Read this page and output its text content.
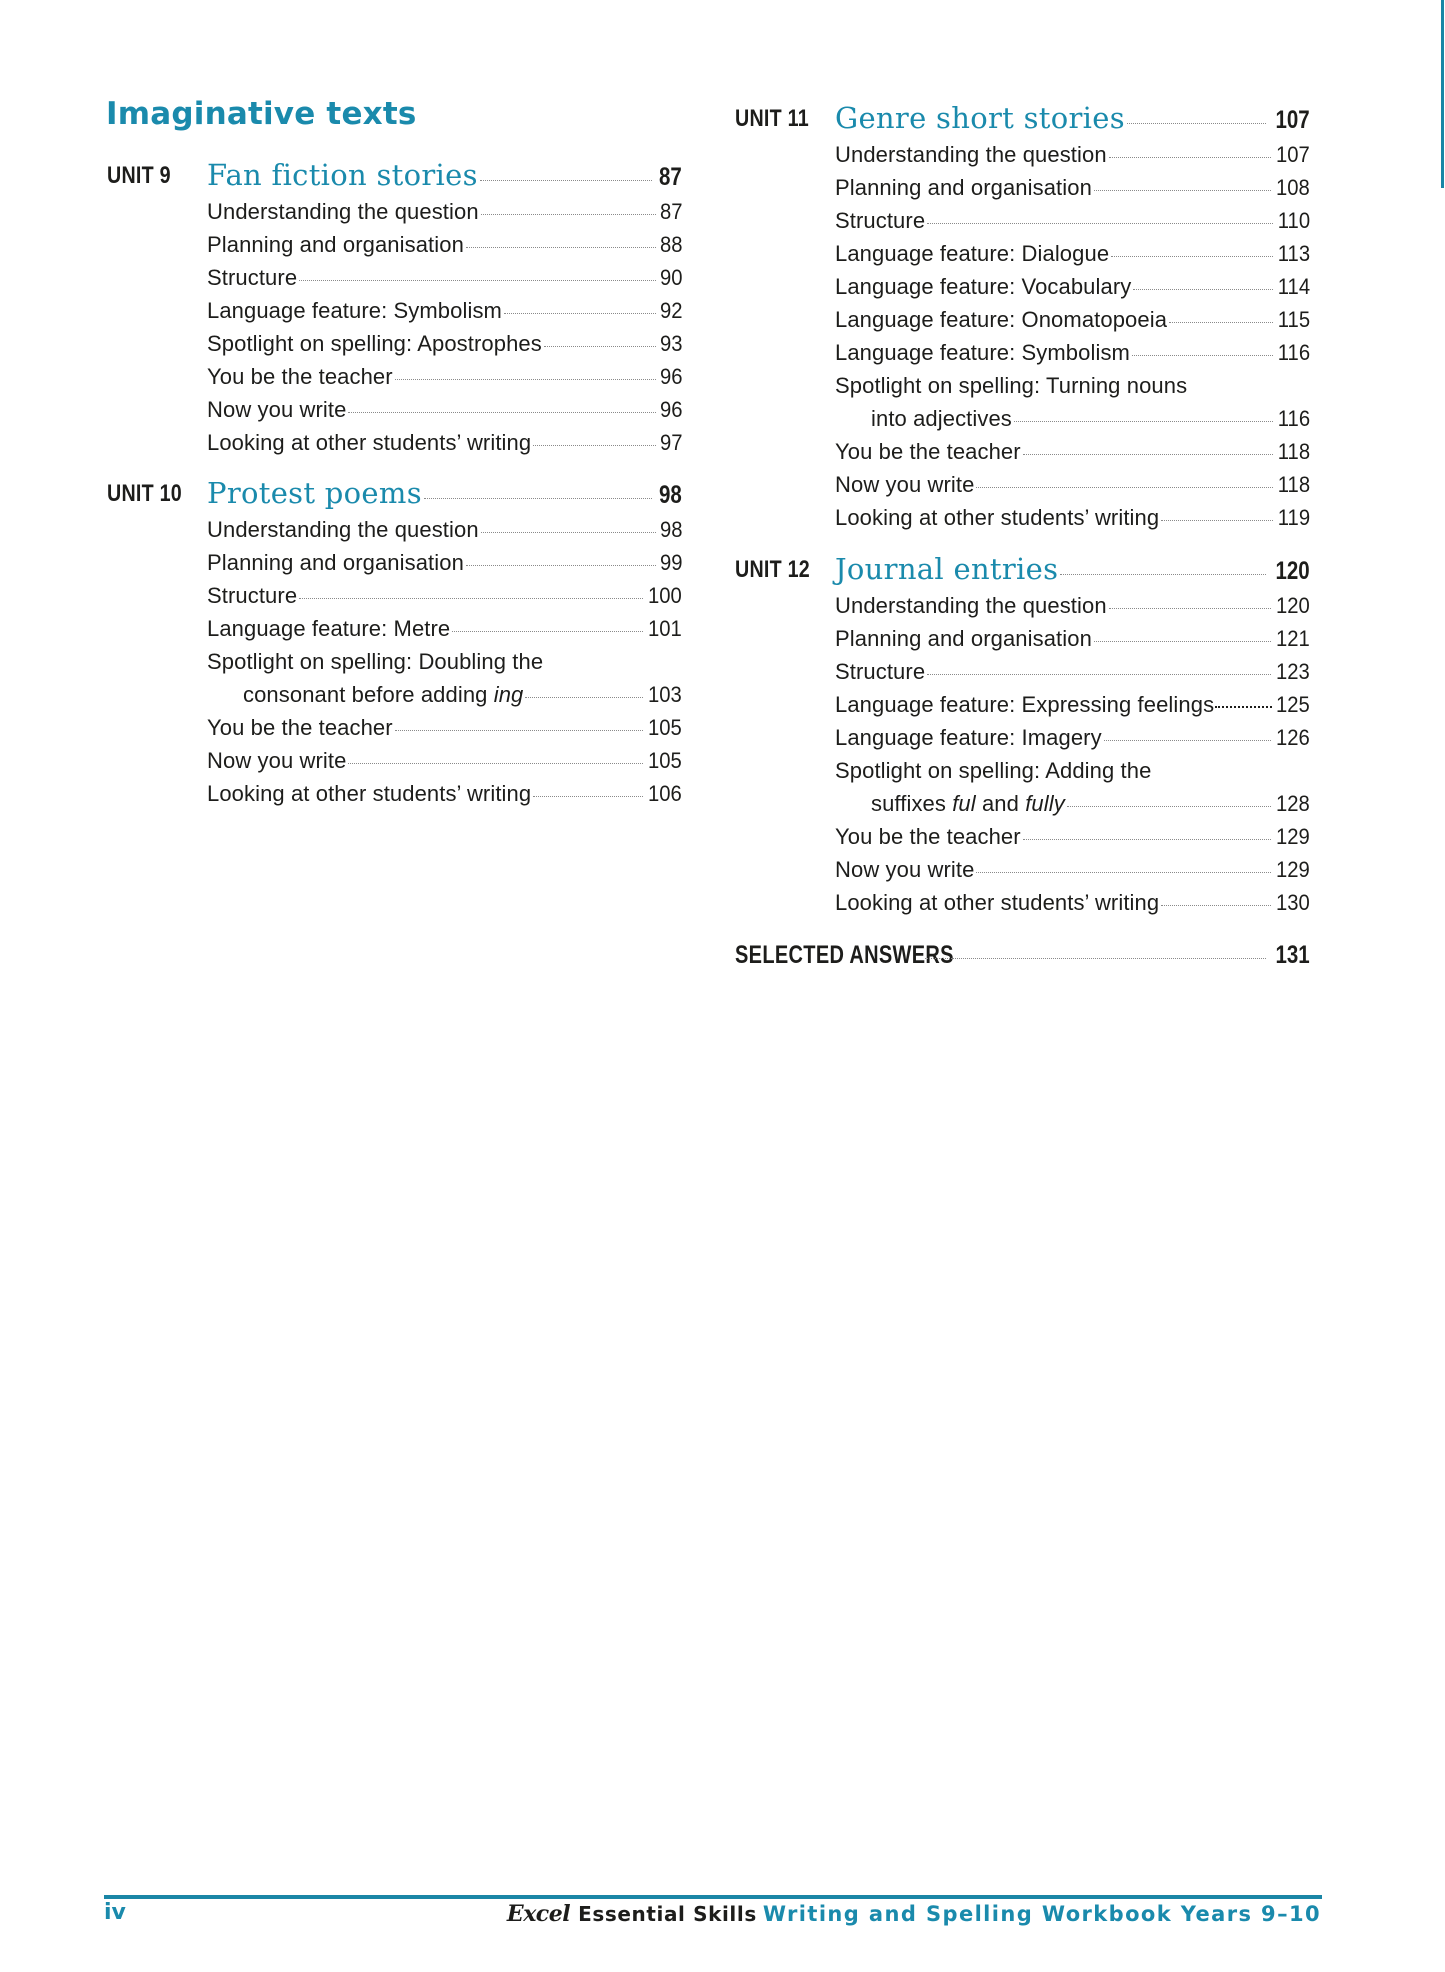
Imaginative texts
UNIT 9 Fan fiction stories	87
Understanding the question	87
Planning and organisation	88
Structure	90
Language feature: Symbolism	92
Spotlight on spelling: Apostrophes	93
You be the teacher	96
Now you write	96
Looking at other students’ writing	97
UNIT 10 Protest poems	98
Understanding the question	98
Planning and organisation	99
Structure	100
Language feature: Metre	101
Spotlight on spelling: Doubling the
consonant before adding ing	103
You be the teacher	105
Now you write	105
Looking at other students’ writing	106
UNIT 11 Genre short stories	107
Understanding the question	107
Planning and organisation	108
Structure	110
Language feature: Dialogue	113
Language feature: Vocabulary	114
Language feature: Onomatopoeia	115
Language feature: Symbolism	116
Spotlight on spelling: Turning nouns
into adjectives	116
You be the teacher	118
Now you write	118
Looking at other students’ writing	119
UNIT 12 Journal entries	120
Understanding the question	120
Planning and organisation	121
Structure	123
Language feature: Expressing feelings	125
Language feature: Imagery	126
Spotlight on spelling: Adding the
suffixes ful and fully	128
You be the teacher	129
Now you write	129
Looking at other students’ writing	130
SELECTED ANSWERS	131
iv	Excel Essential Skills Writing and Spelling Workbook Years 9–10
